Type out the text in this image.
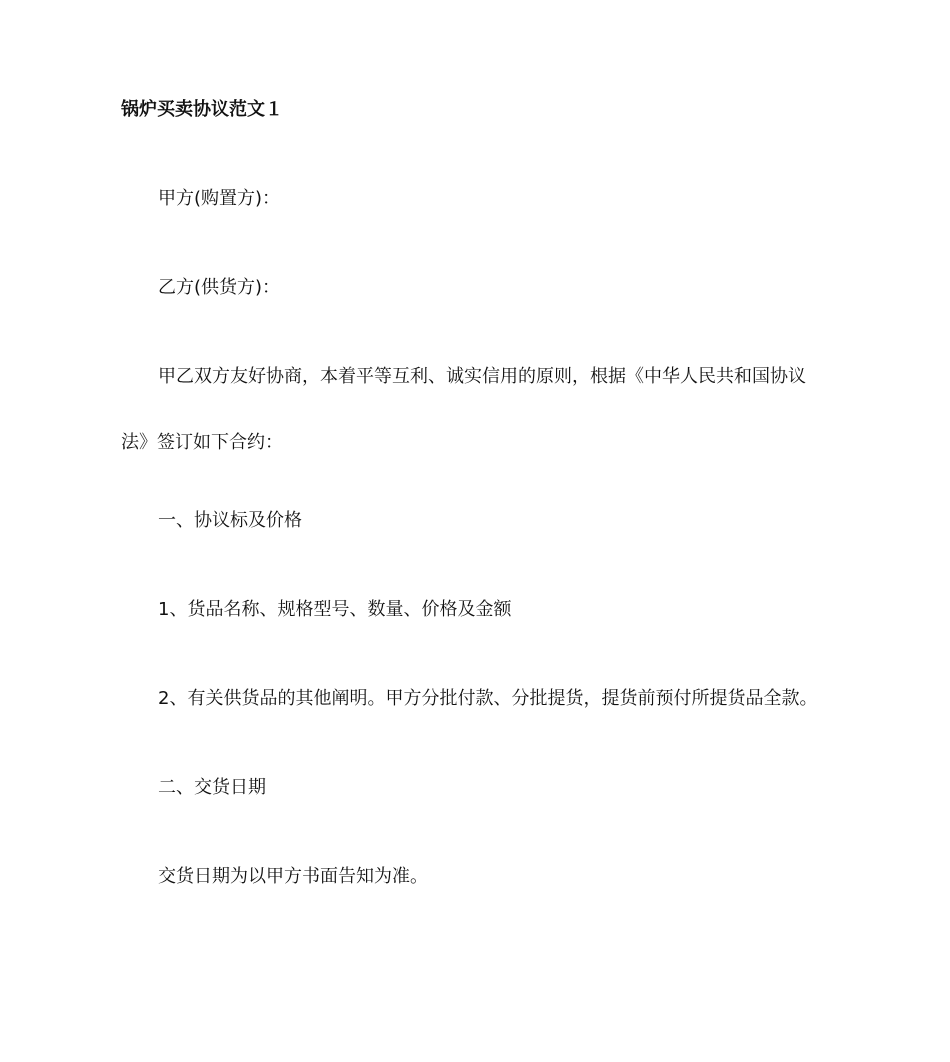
锅炉买卖协议范文１
甲方(购置方)：
乙方(供货方)：
甲乙双方友好协商，本着平等互利、诚实信用的原则，根据《中华人民共和国协议
法》签订如下合约：
一、协议标及价格
1、货品名称、规格型号、数量、价格及金额
2、有关供货品的其他阐明。甲方分批付款、分批提货，提货前预付所提货品全款。
二、交货日期
交货日期为以甲方书面告知为准。
